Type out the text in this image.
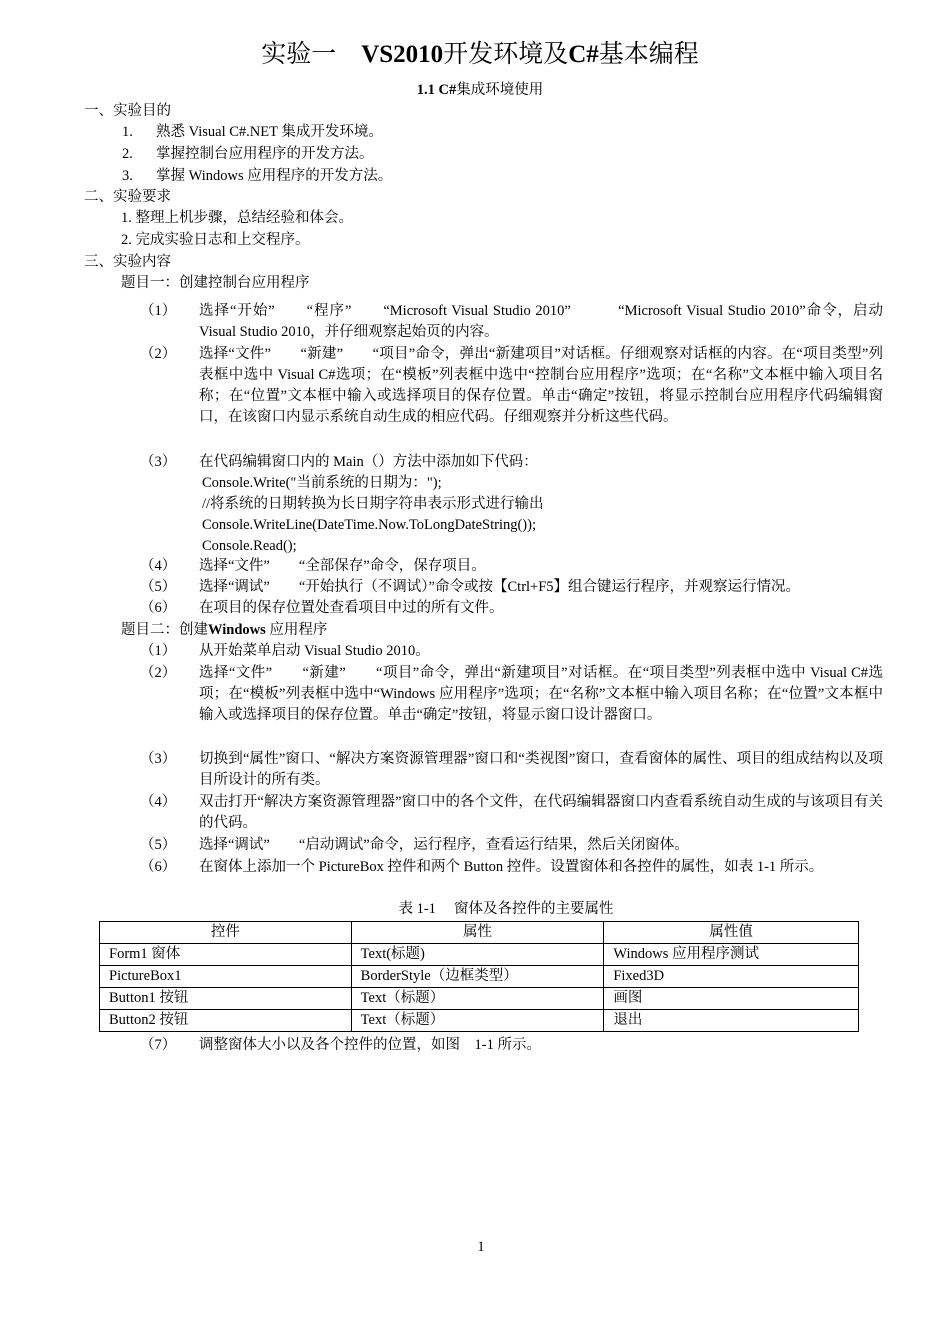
实验一 VS2010开发环境及C#基本编程
1.1 C#集成环境使用
一、实验目的
1. 熟悉 Visual C#.NET 集成开发环境。
2. 掌握控制台应用程序的开发方法。
3. 掌握 Windows 应用程序的开发方法。
二、实验要求
1. 整理上机步骤，总结经验和体会。
2. 完成实验日志和上交程序。
三、实验内容
题目一：创建控制台应用程序
（1） 选择“开始”　　“程序”　　“Microsoft Visual Studio 2010”　　　“Microsoft Visual Studio 2010”命令，启动 Visual Studio 2010，并仔细观察起始页的内容。
（2） 选择“文件”　　“新建”　　“项目”命令，弹出“新建项目”对话框。仔细观察对话框的内容。在“项目类型”列表框中选中 Visual C#选项；在“模板”列表框中选中“控制台应用程序”选项；在“名称”文本框中输入项目名称；在“位置”文本框中输入或选择项目的保存位置。单击“确定”按钮，将显示控制台应用程序代码编辑窗口，在该窗口内显示系统自动生成的相应代码。仔细观察并分析这些代码。
（3） 在代码编辑窗口内的 Main（）方法中添加如下代码：
Console.Write("当前系统的日期为：");
//将系统的日期转换为长日期字符串表示形式进行输出
Console.WriteLine(DateTime.Now.ToLongDateString());
Console.Read();
（4） 选择“文件”　　“全部保存”命令，保存项目。
（5） 选择“调试”　　“开始执行（不调试）”命令或按【Ctrl+F5】组合键运行程序，并观察运行情况。
（6） 在项目的保存位置处查看项目中过的所有文件。
题目二：创建Windows 应用程序
（1） 从开始菜单启动 Visual Studio 2010。
（2） 选择“文件”　　“新建”　　“项目”命令，弹出“新建项目”对话框。在“项目类型”列表框中选中 Visual C#选项；在“模板”列表框中选中“Windows 应用程序”选项；在“名称”文本框中输入项目名称；在“位置”文本框中输入或选择项目的保存位置。单击“确定”按钮，将显示窗口设计器窗口。
（3） 切换到“属性”窗口、“解决方案资源管理器”窗口和“类视图”窗口，查看窗体的属性、项目的组成结构以及项目所设计的所有类。
（4） 双击打开“解决方案资源管理器”窗口中的各个文件，在代码编辑器窗口内查看系统自动生成的与该项目有关的代码。
（5） 选择“调试”　　“启动调试”命令，运行程序，查看运行结果，然后关闭窗体。
（6） 在窗体上添加一个 PictureBox 控件和两个 Button 控件。设置窗体和各控件的属性，如表 1-1 所示。
表 1-1　 窗体及各控件的主要属性
控件	属性	属性值
Form1 窗体	Text(标题)	Windows 应用程序测试
PictureBox1	BorderStyle（边框类型）	Fixed3D
Button1 按钮	Text（标题）	画图
Button2 按钮	Text（标题）	退出
（7） 调整窗体大小以及各个控件的位置，如图　1-1 所示。
1
